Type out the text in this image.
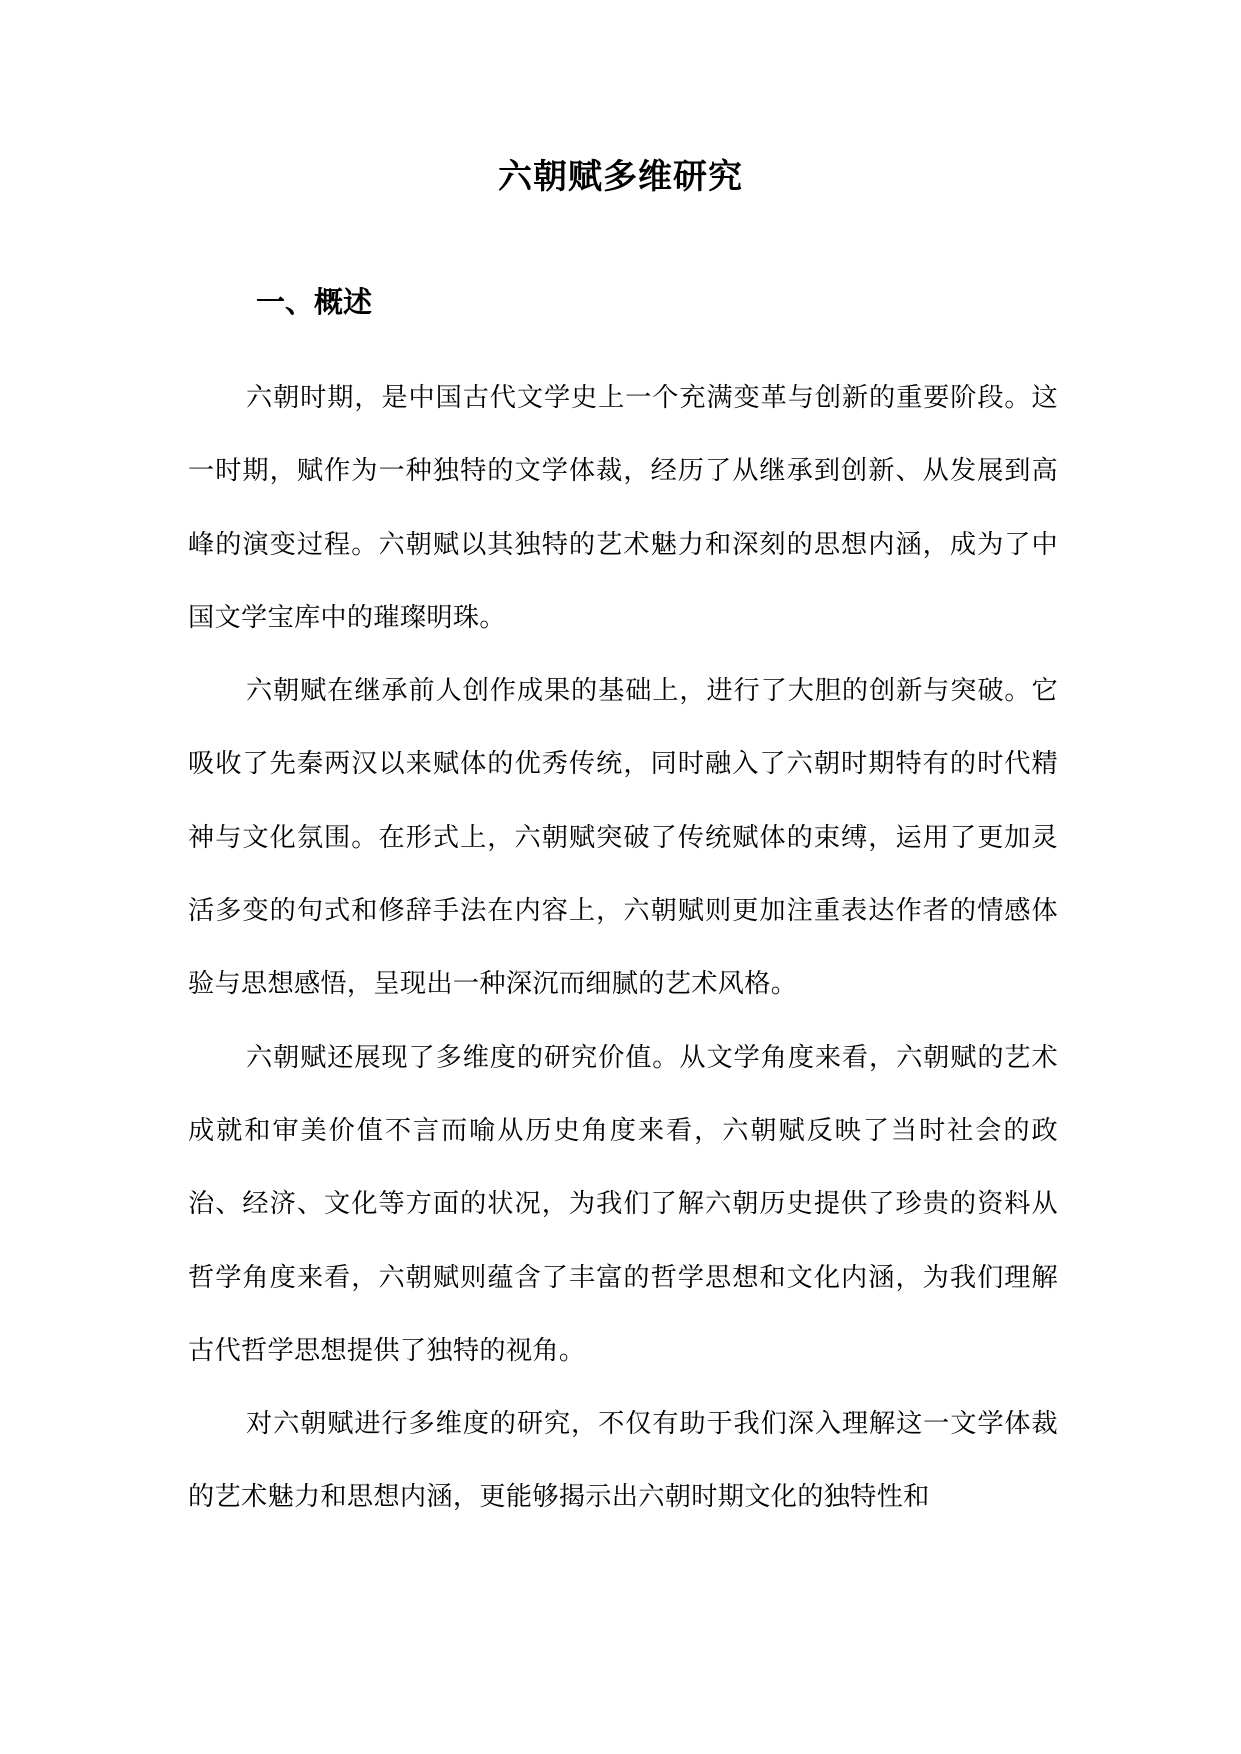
六朝赋多维研究
一、概述

六朝时期，是中国古代文学史上一个充满变革与创新的重要阶段。这一时期，赋作为一种独特的文学体裁，经历了从继承到创新、从发展到高峰的演变过程。六朝赋以其独特的艺术魅力和深刻的思想内涵，成为了中国文学宝库中的璀璨明珠。

六朝赋在继承前人创作成果的基础上，进行了大胆的创新与突破。它吸收了先秦两汉以来赋体的优秀传统，同时融入了六朝时期特有的时代精神与文化氛围。在形式上，六朝赋突破了传统赋体的束缚，运用了更加灵活多变的句式和修辞手法在内容上，六朝赋则更加注重表达作者的情感体验与思想感悟，呈现出一种深沉而细腻的艺术风格。

六朝赋还展现了多维度的研究价值。从文学角度来看，六朝赋的艺术成就和审美价值不言而喻从历史角度来看，六朝赋反映了当时社会的政治、经济、文化等方面的状况，为我们了解六朝历史提供了珍贵的资料从哲学角度来看，六朝赋则蕴含了丰富的哲学思想和文化内涵，为我们理解古代哲学思想提供了独特的视角。

对六朝赋进行多维度的研究，不仅有助于我们深入理解这一文学体裁的艺术魅力和思想内涵，更能够揭示出六朝时期文化的独特性和
